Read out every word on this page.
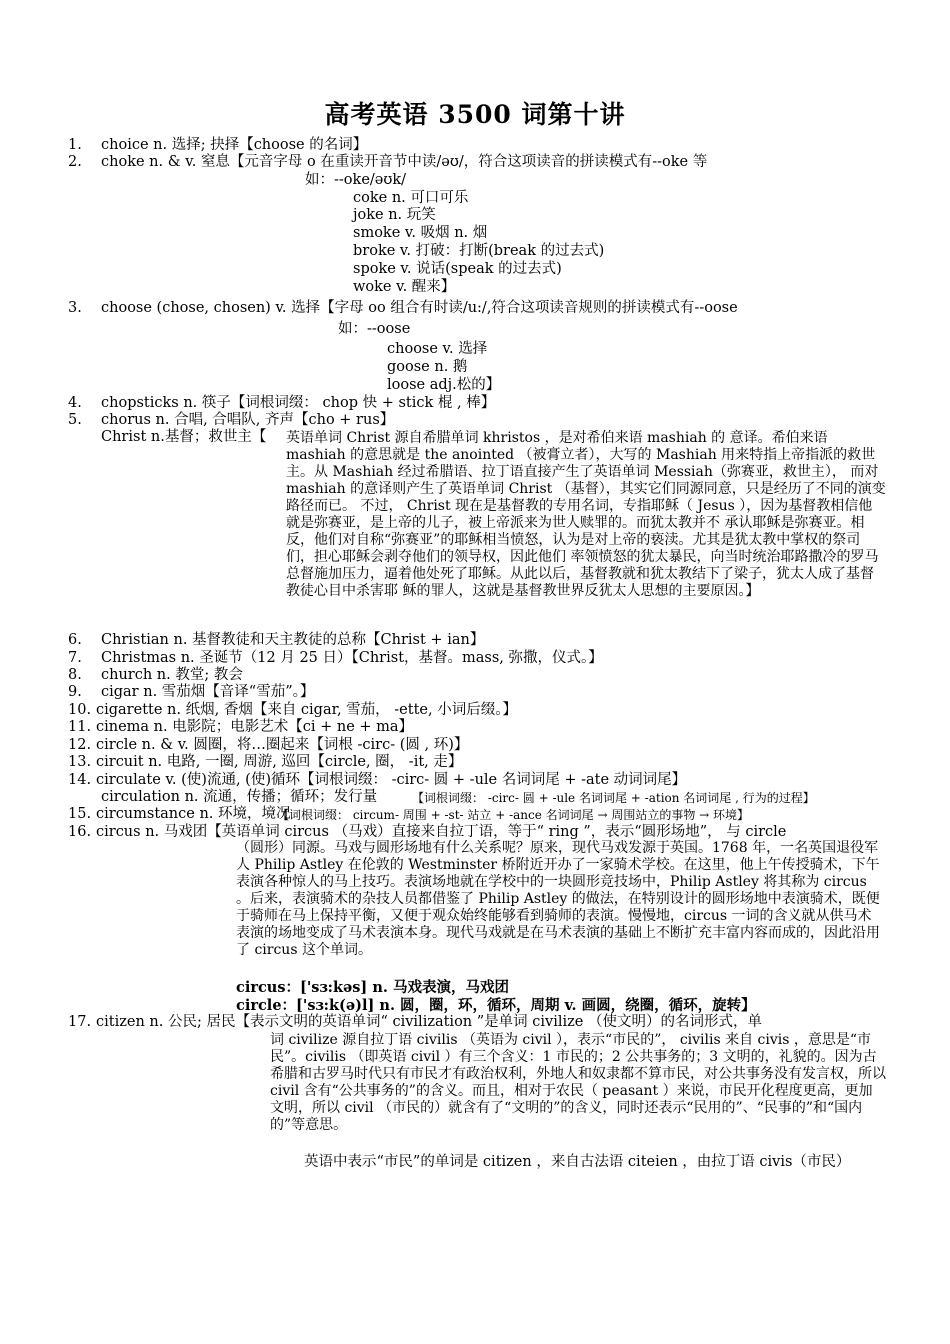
高考英语 3500 词第十讲
1. choice n. 选择; 抉择【choose 的名词】
2. choke n. & v. 窒息【元音字母 o 在重读开音节中读/əʊ/，符合这项读音的拼读模式有--oke 等
如：--oke/əʊk/
coke n. 可口可乐
joke n. 玩笑
smoke v. 吸烟 n. 烟
broke v. 打破：打断(break 的过去式)
spoke v. 说话(speak 的过去式)
woke v. 醒来】
3. choose (chose, chosen) v. 选择【字母 oo 组合有时读/u:/,符合这项读音规则的拼读模式有--oose
如：--oose
choose v. 选择
goose n. 鹅
loose adj.松的】
4. chopsticks n. 筷子【词根词缀： chop 快 + stick 棍 , 棒】
5. chorus n. 合唱, 合唱队, 齐声【cho + rus】
Christ n.基督；救世主【
6. Christian n. 基督教徒和天主教徒的总称【Christ + ian】
7. Christmas n. 圣诞节（12 月 25 日）【Christ，基督。mass, 弥撒，仪式。】
8. church n. 教堂; 教会
9. cigar n. 雪茄烟【音译“雪茄”。】
10. cigarette n. 纸烟, 香烟【来自 cigar, 雪茄， -ette, 小词后缀。】
11. cinema n. 电影院；电影艺术【ci + ne + ma】
12. circle n. & v. 圆圈，将…圈起来【词根 -circ- (圆 , 环)】
13. circuit n. 电路, 一圈, 周游, 巡回【circle, 圈， -it, 走】
14. circulate v. (使)流通, (使)循环【词根词缀： -circ- 圆 + -ule 名词词尾 + -ate 动词词尾】
circulation n. 流通，传播；循环；发行量	【词根词缀： -circ- 圆 + -ule 名词词尾 + -ation 名词词尾 , 行为的过程】
15. circumstance n. 环境，境况
【词根词缀： circum- 周围 + -st- 站立 + -ance 名词词尾 → 周围站立的事物 → 环境】
16. circus n. 马戏团【英语单词 circus （马戏）直接来自拉丁语，等于“ ring ”，表示“圆形场地”， 与 circle
17. citizen n. 公民; 居民【表示文明的英语单词“ civilization ”是单词 civilize （使文明）的名词形式，单
英语单词 Christ 源自希腊单词 khristos ，是对希伯来语 mashiah 的 意译。希伯来语 mashiah 的意思就是 the anointed （被膏立者），大写的 Mashiah 用来特指上帝指派的救世主。从 Mashiah 经过希腊语、拉丁语直接产生了英语单词 Messiah（弥赛亚，救世主）， 而对 mashiah 的意译则产生了英语单词 Christ （基督），其实它们同源同意，只是经历了不同的演变路径而已。 不过， Christ 现在是基督教的专用名词，专指耶稣（ Jesus ），因为基督教相信他就是弥赛亚，是上帝的儿子，被上帝派来为世人赎罪的。而犹太教并不 承认耶稣是弥赛亚。相反，他们对自称“弥赛亚”的耶稣相当愤怒，认为是对上帝的亵渎。尤其是犹太教中掌权的祭司们，担心耶稣会剥夺他们的领导权，因此他们 率领愤怒的犹太暴民，向当时统治耶路撒冷的罗马总督施加压力，逼着他处死了耶稣。从此以后，基督教就和犹太教结下了梁子，犹太人成了基督教徒心目中杀害耶 稣的罪人，这就是基督教世界反犹太人思想的主要原因。】
（圆形）同源。马戏与圆形场地有什么关系呢？原来，现代马戏发源于英国。1768 年，一名英国退役军人 Philip Astley 在伦敦的 Westminster 桥附近开办了一家骑术学校。在这里，他上午传授骑术，下午表演各种惊人的马上技巧。表演场地就在学校中的一块圆形竞技场中，Philip Astley 将其称为 circus 。后来，表演骑术的杂技人员都借鉴了 Philip Astley 的做法，在特别设计的圆形场地中表演骑术，既便于骑师在马上保持平衡，又便于观众始终能够看到骑师的表演。慢慢地，circus 一词的含义就从供马术表演的场地变成了马术表演本身。现代马戏就是在马术表演的基础上不断扩充丰富内容而成的，因此沿用了 circus 这个单词。
circus：['sɜ:kəs] n. 马戏表演，马戏团
circle：['sɜ:k(ə)l] n. 圆，圈，环，循环，周期 v. 画圆，绕圈，循环，旋转】
词 civilize 源自拉丁语 civilis （英语为 civil ），表示“市民的”， civilis 来自 civis ，意思是“市民”。civilis （即英语 civil ）有三个含义：1 市民的；2 公共事务的；3 文明的，礼貌的。因为古希腊和古罗马时代只有市民才有政治权利，外地人和奴隶都不算市民，对公共事务没有发言权，所以 civil 含有“公共事务的”的含义。而且，相对于农民（ peasant ）来说，市民开化程度更高，更加文明，所以 civil （市民的）就含有了“文明的”的含义，同时还表示“民用的”、“民事的”和“国内的”等意思。
英语中表示“市民”的单词是 citizen ，来自古法语 citeien ，由拉丁语 civis（市民）
